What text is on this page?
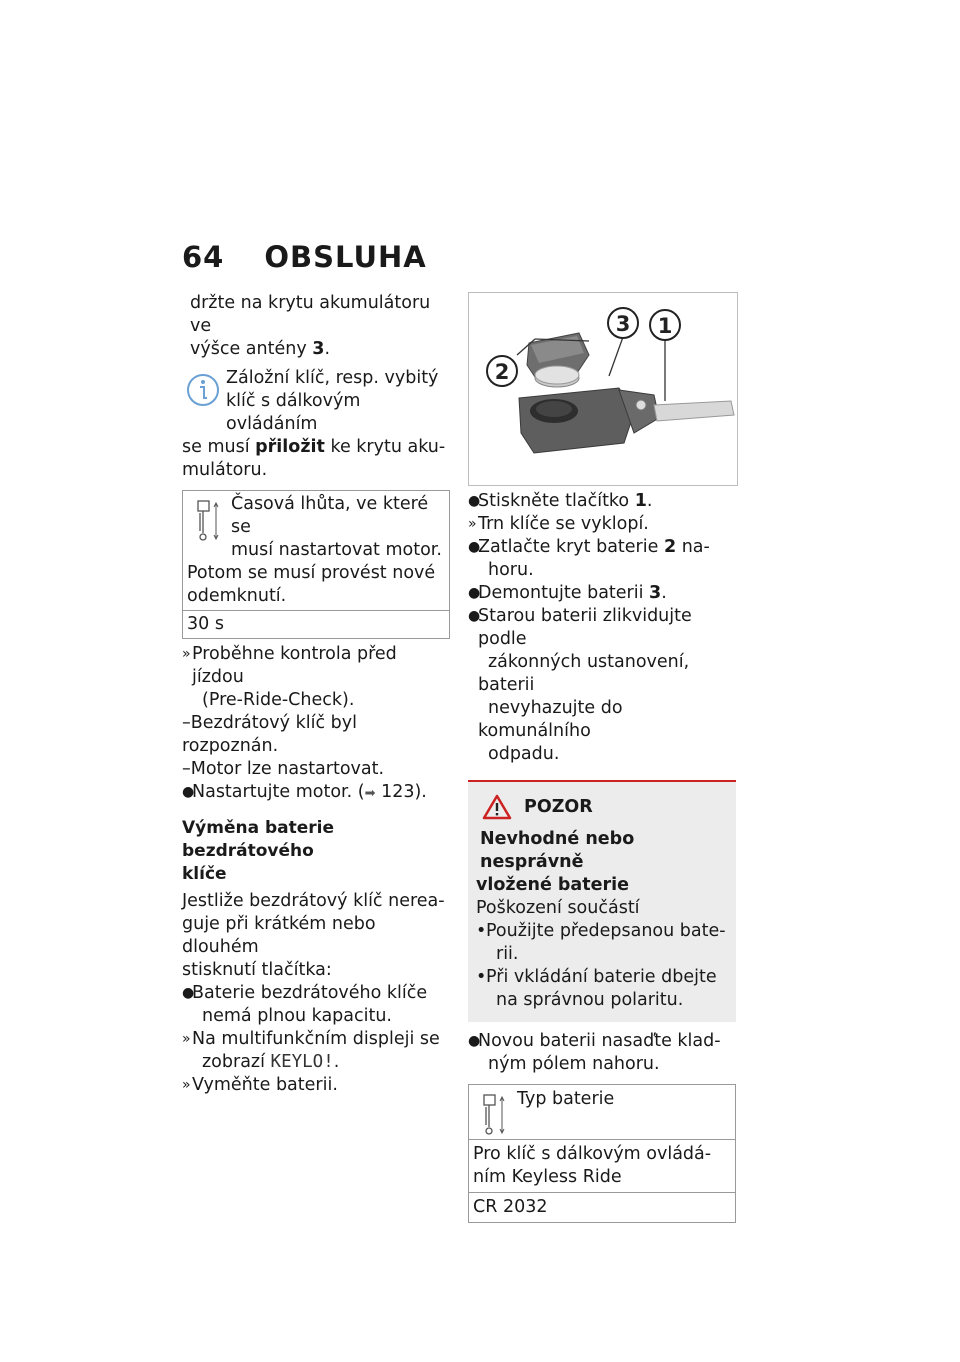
64 OBSLUHA

držte na krytu akumulátoru ve

výšce antény 3.

Záložní klíč, resp. vybitý

klíč s dálkovým ovládáním

se musí přiložit ke krytu aku-

mulátoru.

Časová lhůta, ve které se

musí nastartovat motor.

Potom se musí provést nové

odemknutí.

30 s
» Proběhne kontrola před jízdou
(Pre-Ride-Check).

–Bezdrátový klíč byl rozpoznán.

–Motor lze nastartovat.

●
Nastartujte motor. (➡ 123).

Výměna baterie bezdrátového

klíče

Jestliže bezdrátový klíč nerea-

guje při krátkém nebo dlouhém

stisknutí tlačítka:

●
Baterie bezdrátového klíče
nemá plnou kapacitu.
» Na multifunkčním displeji se
zobrazí KEYLO!.
» Vyměňte baterii.
3 1
2
●
Stiskněte tlačítko 1.
» Trn klíče se vyklopí.
●
Zatlačte kryt baterie 2 na-
horu.
●
Demontujte baterii 3.
●
Starou baterii zlikvidujte podle
zákonných ustanovení, baterii
nevyhazujte do komunálního
odpadu.
POZOR

Nevhodné nebo nesprávně

vložené baterie

Poškození součástí

• Použijte předepsanou bate-
rii.
• Při vkládání baterie dbejte
na správnou polaritu.
●
Novou baterii nasaďte klad-
ným pólem nahoru.

Typ baterie

Pro klíč s dálkovým ovládá-

ním Keyless Ride

CR 2032
